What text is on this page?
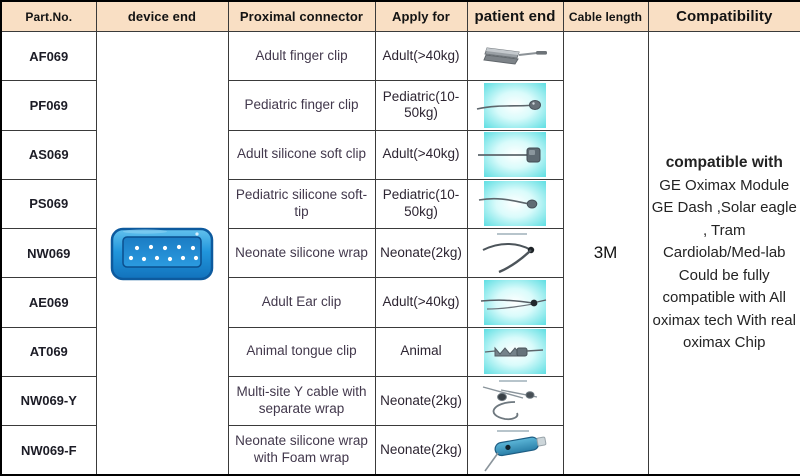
Part.No.	device end	Proximal connector	Apply for	patient end	Cable length	Compatibility
AF069		Adult finger clip	Adult(>40kg)		3M	compatible with
GE Oximax Module GE Dash ,Solar eagle , Tram Cardiolab/Med-lab Could be fully compatible with All oximax tech With real oximax Chip

PF069		Pediatric finger clip	Pediatric(10-50kg)	

AS069		Adult silicone soft clip	Adult(>40kg)	

PS069		Pediatric silicone soft-tip	Pediatric(10-50kg)	

NW069		Neonate silicone wrap	Neonate(2kg)	

AE069		Adult Ear clip	Adult(>40kg)	

AT069		Animal tongue clip	Animal	

NW069-Y		Multi-site Y cable with separate wrap	Neonate(2kg)	

NW069-F		Neonate silicone wrap with Foam wrap	Neonate(2kg)	
